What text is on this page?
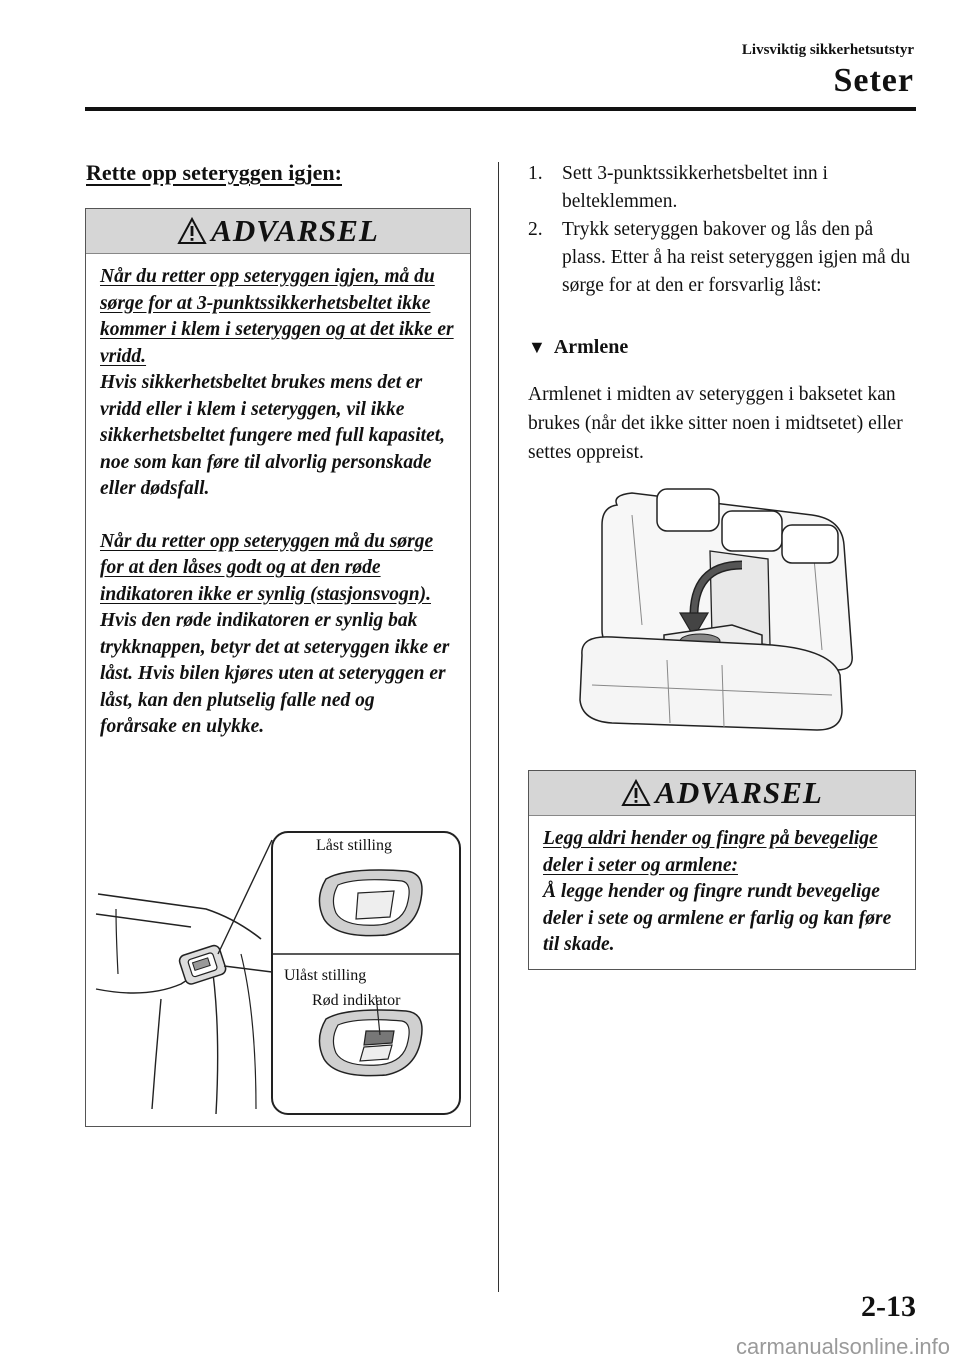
Livsviktig sikkerhetsutstyr
Seter
Rette opp seteryggen igjen:
ADVARSEL

Når du retter opp seteryggen igjen, må du sørge for at 3-punktssikkerhetsbeltet ikke kommer i klem i seteryggen og at det ikke er vridd.

Hvis sikkerhetsbeltet brukes mens det er vridd eller i klem i seteryggen, vil ikke sikkerhetsbeltet fungere med full kapasitet, noe som kan føre til alvorlig personskade eller dødsfall.

Når du retter opp seteryggen må du sørge for at den låses godt og at den røde indikatoren ikke er synlig (stasjonsvogn).

Hvis den røde indikatoren er synlig bak trykknappen, betyr det at seteryggen ikke er låst. Hvis bilen kjøres uten at seteryggen er låst, kan den plutselig falle ned og forårsake en ulykke.

Låst stilling
Ulåst stilling
Rød indikator
1. Sett 3-punktssikkerhetsbeltet inn i belteklemmen.
2. Trykk seteryggen bakover og lås den på plass. Etter å ha reist seteryggen igjen må du sørge for at den er forsvarlig låst:
▼ Armlene
Armlenet i midten av seteryggen i baksetet kan brukes (når det ikke sitter noen i midtsetet) eller settes oppreist.
ADVARSEL

Legg aldri hender og fingre på bevegelige deler i seter og armlene:

Å legge hender og fingre rundt bevegelige deler i sete og armlene er farlig og kan føre til skade.

2-13
carmanualsonline.info
